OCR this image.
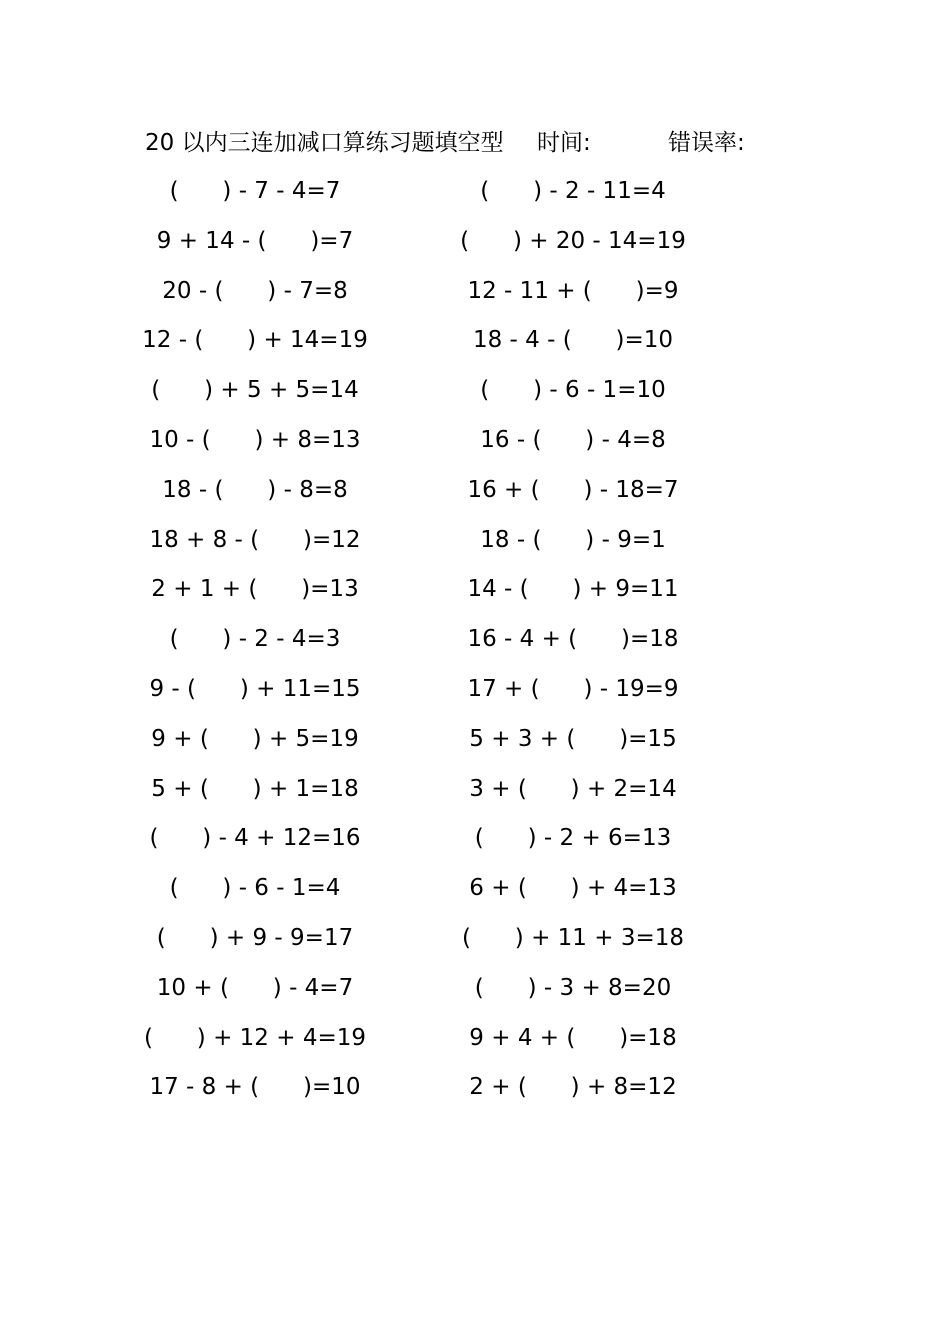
20 以内三连加减口算练习题填空型 时间:	错误率:
(      ) - 7 - 4=7	(      ) - 2 - 11=4
9 + 14 - (      )=7	(      ) + 20 - 14=19
20 - (      ) - 7=8	12 - 11 + (      )=9
12 - (      ) + 14=19	18 - 4 - (      )=10
(      ) + 5 + 5=14	(      ) - 6 - 1=10
10 - (      ) + 8=13	16 - (      ) - 4=8
18 - (      ) - 8=8	16 + (      ) - 18=7
18 + 8 - (      )=12	18 - (      ) - 9=1
2 + 1 + (      )=13	14 - (      ) + 9=11
(      ) - 2 - 4=3	16 - 4 + (      )=18
9 - (      ) + 11=15	17 + (      ) - 19=9
9 + (      ) + 5=19	5 + 3 + (      )=15
5 + (      ) + 1=18	3 + (      ) + 2=14
(      ) - 4 + 12=16	(      ) - 2 + 6=13
(      ) - 6 - 1=4	6 + (      ) + 4=13
(      ) + 9 - 9=17	(      ) + 11 + 3=18
10 + (      ) - 4=7	(      ) - 3 + 8=20
(      ) + 12 + 4=19	9 + 4 + (      )=18
17 - 8 + (      )=10	2 + (      ) + 8=12
